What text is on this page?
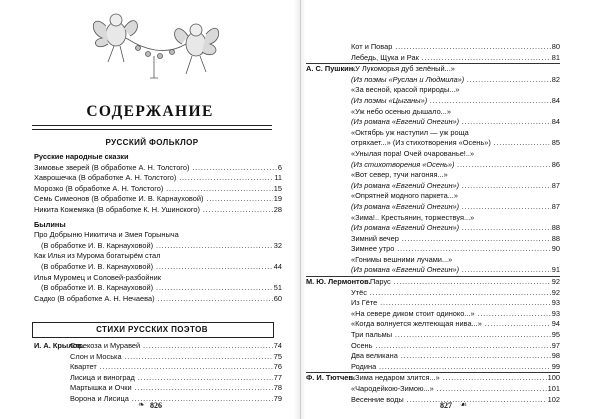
СОДЕРЖАНИЕ
РУССКИЙ ФОЛЬКЛОР
Русские народные сказки
Зимовье зверей (В обработке А. Н. Толстого) .....	6
Хаврошечка (В обработке А. Н. Толстого) .....	11
Морозко (В обработке А. Н. Толстого) .....	15
Семь Симеонов (В обработке И. В. Карнауховой) .....	19
Никита Кожемяка (В обработке К. Н. Ушинского) .....	28
Былины
Про Добрыню Никитича и Змея Горыныча
(В обработке И. В. Карнауховой) .....	32
Как Илья из Мурома богатырём стал
(В обработке И. В. Карнауховой) .....	44
Илья Муромец и Соловей-разбойник
(В обработке И. В. Карнауховой) .....	51
Садко (В обработке А. Н. Нечаева) .....	60
СТИХИ РУССКИХ ПОЭТОВ
И. А. Крылов.
Стрекоза и Муравей .....	74
Слон и Моська .....	75
Квартет .....	76
Лисица и виноград .....	77
Мартышка и Очки .....	78
Ворона и Лисица .....	79
❧ 826
Кот и Повар .....	80
Лебедь, Щука и Рак .....	81
А. С. Пушкин.
«У Лукоморья дуб зелёный...»
(Из поэмы «Руслан и Людмила») .....	82
«За весной, красой природы...»
(Из поэмы «Цыганы») .....	84
«Уж небо осенью дышало...»
(Из романа «Евгений Онегин») .....	84
«Октябрь уж наступил — уж роща
отряхает...» (Из стихотворения «Осень») .....	85
«Унылая пора! Очей очарованье!..»
(Из стихотворения «Осень») .....	86
«Вот север, тучи нагоняя...»
(Из романа «Евгений Онегин») .....	87
«Опрятней модного паркета...»
(Из романа «Евгений Онегин») .....	87
«Зима!.. Крестьянин, торжествуя...»
(Из романа «Евгений Онегин») .....	88
Зимний вечер .....	88
Зимнее утро .....	90
«Гонимы вешними лучами...»
(Из романа «Евгений Онегин») .....	91
М. Ю. Лермонтов. Парус .....	92
Утёс .....	92
Из Гёте .....	93
«На севере диком стоит одиноко...» .....	93
«Когда волнуется желтеющая нива...» .....	94
Три пальмы .....	95
Осень .....	97
Два великана .....	98
Родина .....	99
Ф. И. Тютчев.
«Зима недаром злится...» .....	100
«Чародейкою-Зимою...» .....	101
Весенние воды .....	102
827 ☙
